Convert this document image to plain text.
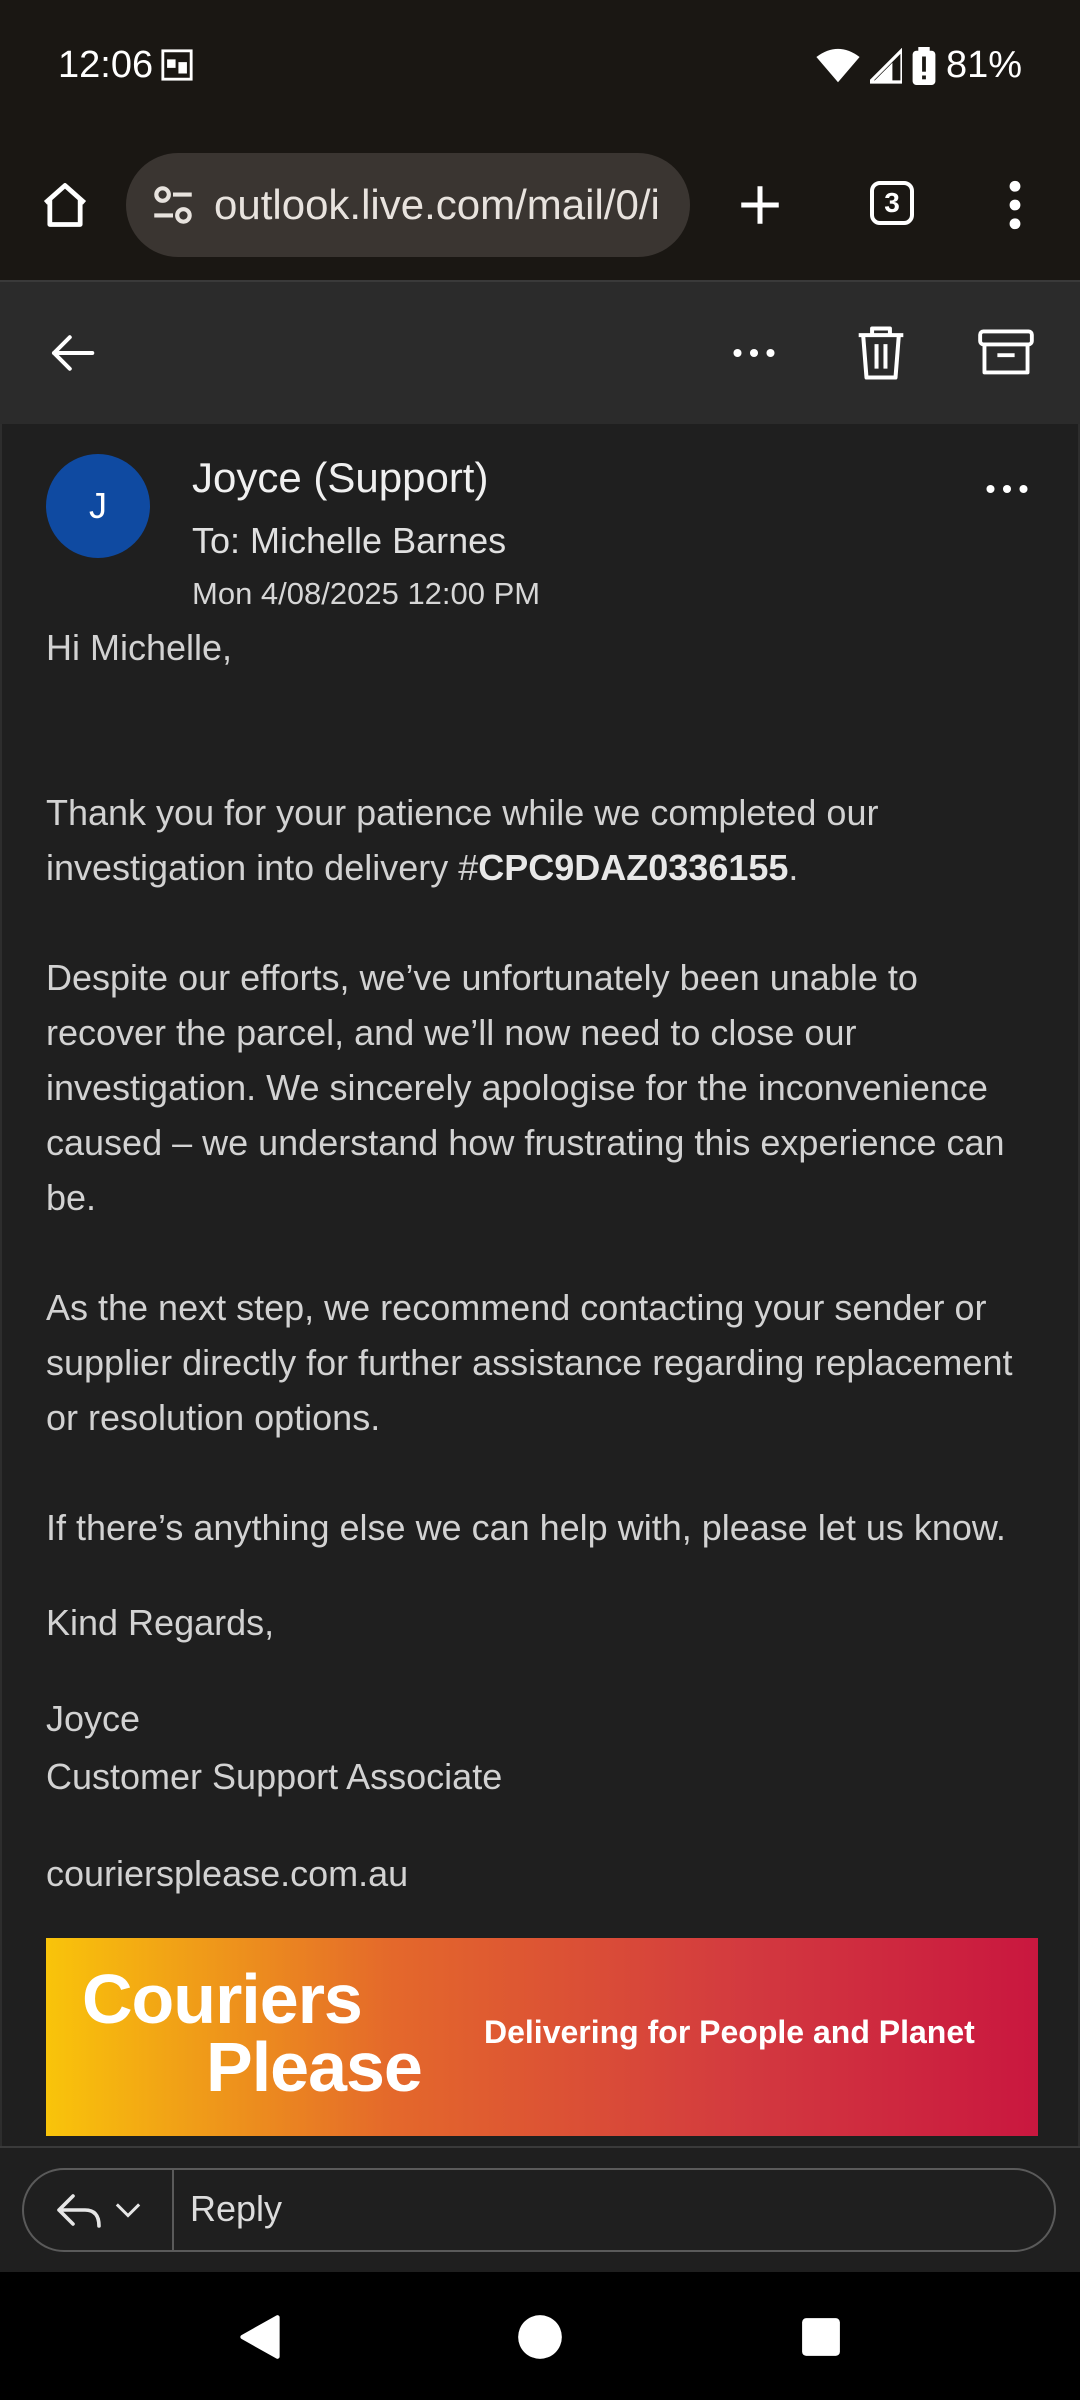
12:06	81%
outlook.live.com/mail/0/i	3
J
Joyce (Support)
To: Michelle Barnes
Mon 4/08/2025 12:00 PM

Hi Michelle,

Thank you for your patience while we completed our investigation into delivery #CPC9DAZ0336155.

Despite our efforts, we’ve unfortunately been unable to recover the parcel, and we’ll now need to close our investigation. We sincerely apologise for the inconvenience caused – we understand how frustrating this experience can be.

As the next step, we recommend contacting your sender or supplier directly for further assistance regarding replacement or resolution options.

If there’s anything else we can help with, please let us know.

Kind Regards,

Joyce
Customer Support Associate

couriersplease.com.au

Couriers
Please Delivering for People and Planet
Reply
